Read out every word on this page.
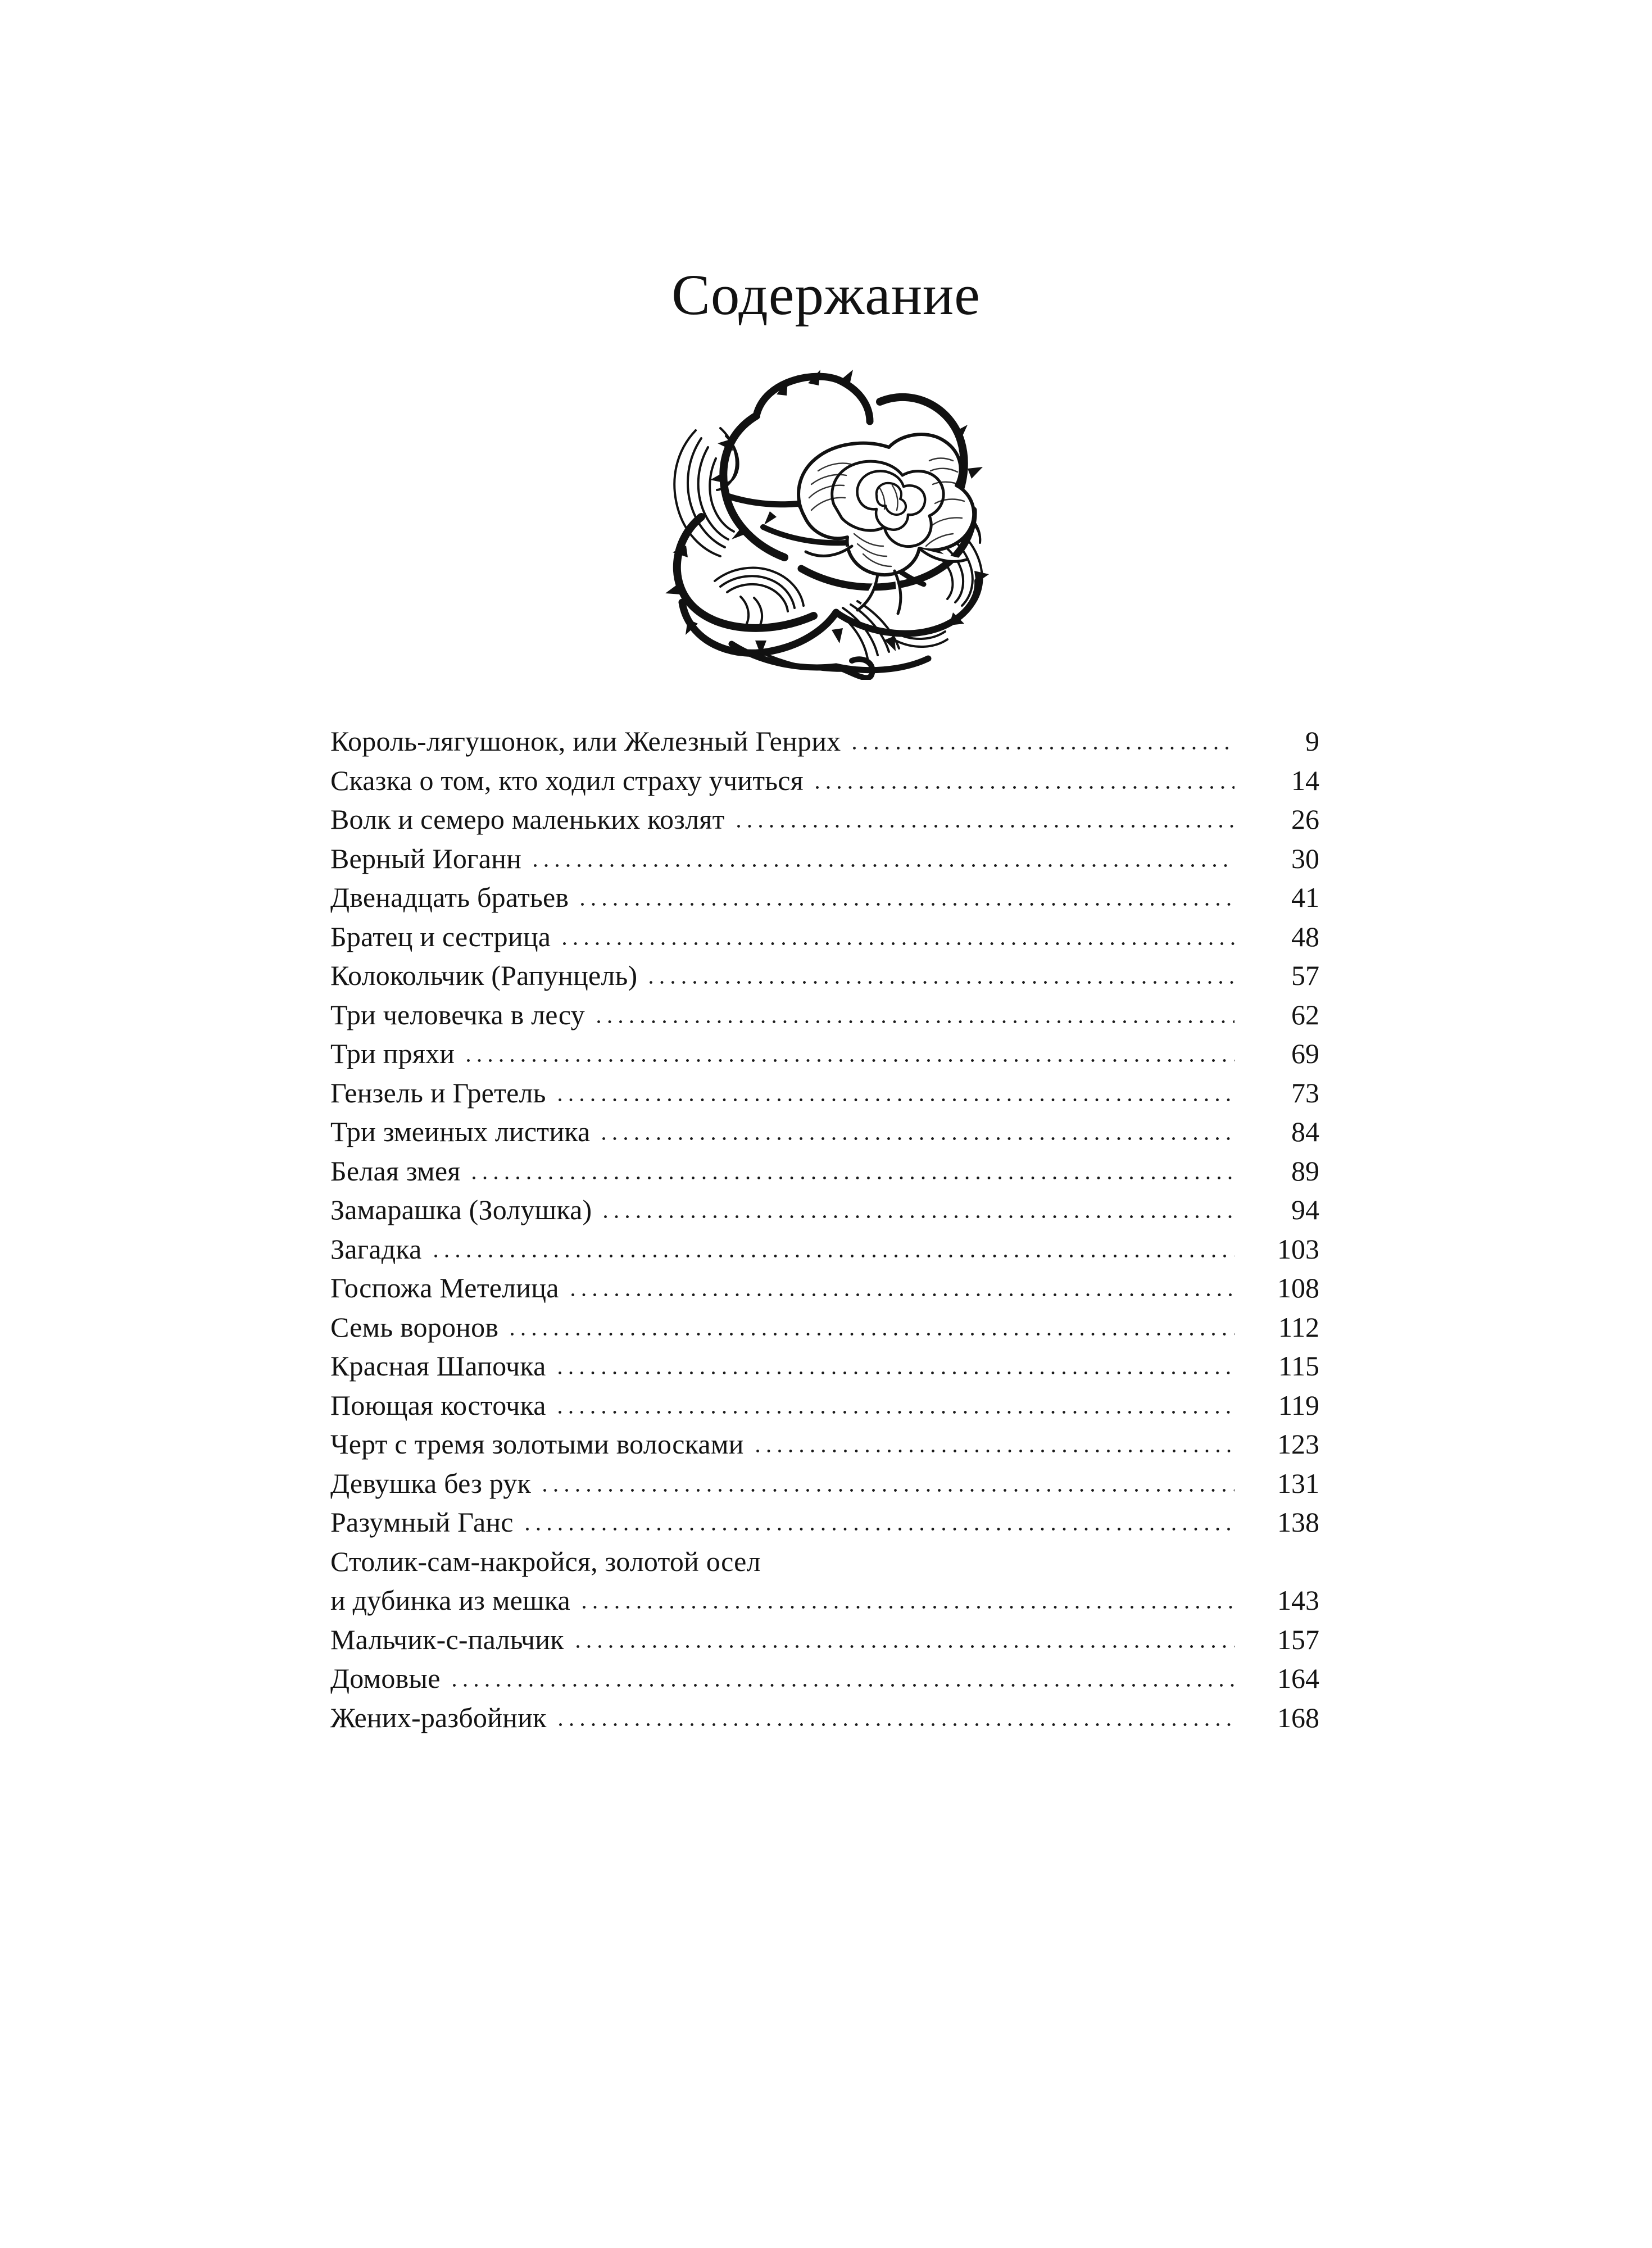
Содержание
Король-лягушонок, или Железный Генрих	9
Сказка о том, кто ходил страху учиться	14
Волк и семеро маленьких козлят	26
Верный Иоганн	30
Двенадцать братьев	41
Братец и сестрица	48
Колокольчик (Рапунцель)	57
Три человечка в лесу	62
Три пряхи	69
Гензель и Гретель	73
Три змеиных листика	84
Белая змея	89
Замарашка (Золушка)	94
Загадка	103
Госпожа Метелица	108
Семь воронов	112
Красная Шапочка	115
Поющая косточка	119
Черт с тремя золотыми волосками	123
Девушка без рук	131
Разумный Ганс	138
Столик-сам-накройся, золотой осел
и дубинка из мешка	143
Мальчик-с-пальчик	157
Домовые	164
Жених-разбойник	168
